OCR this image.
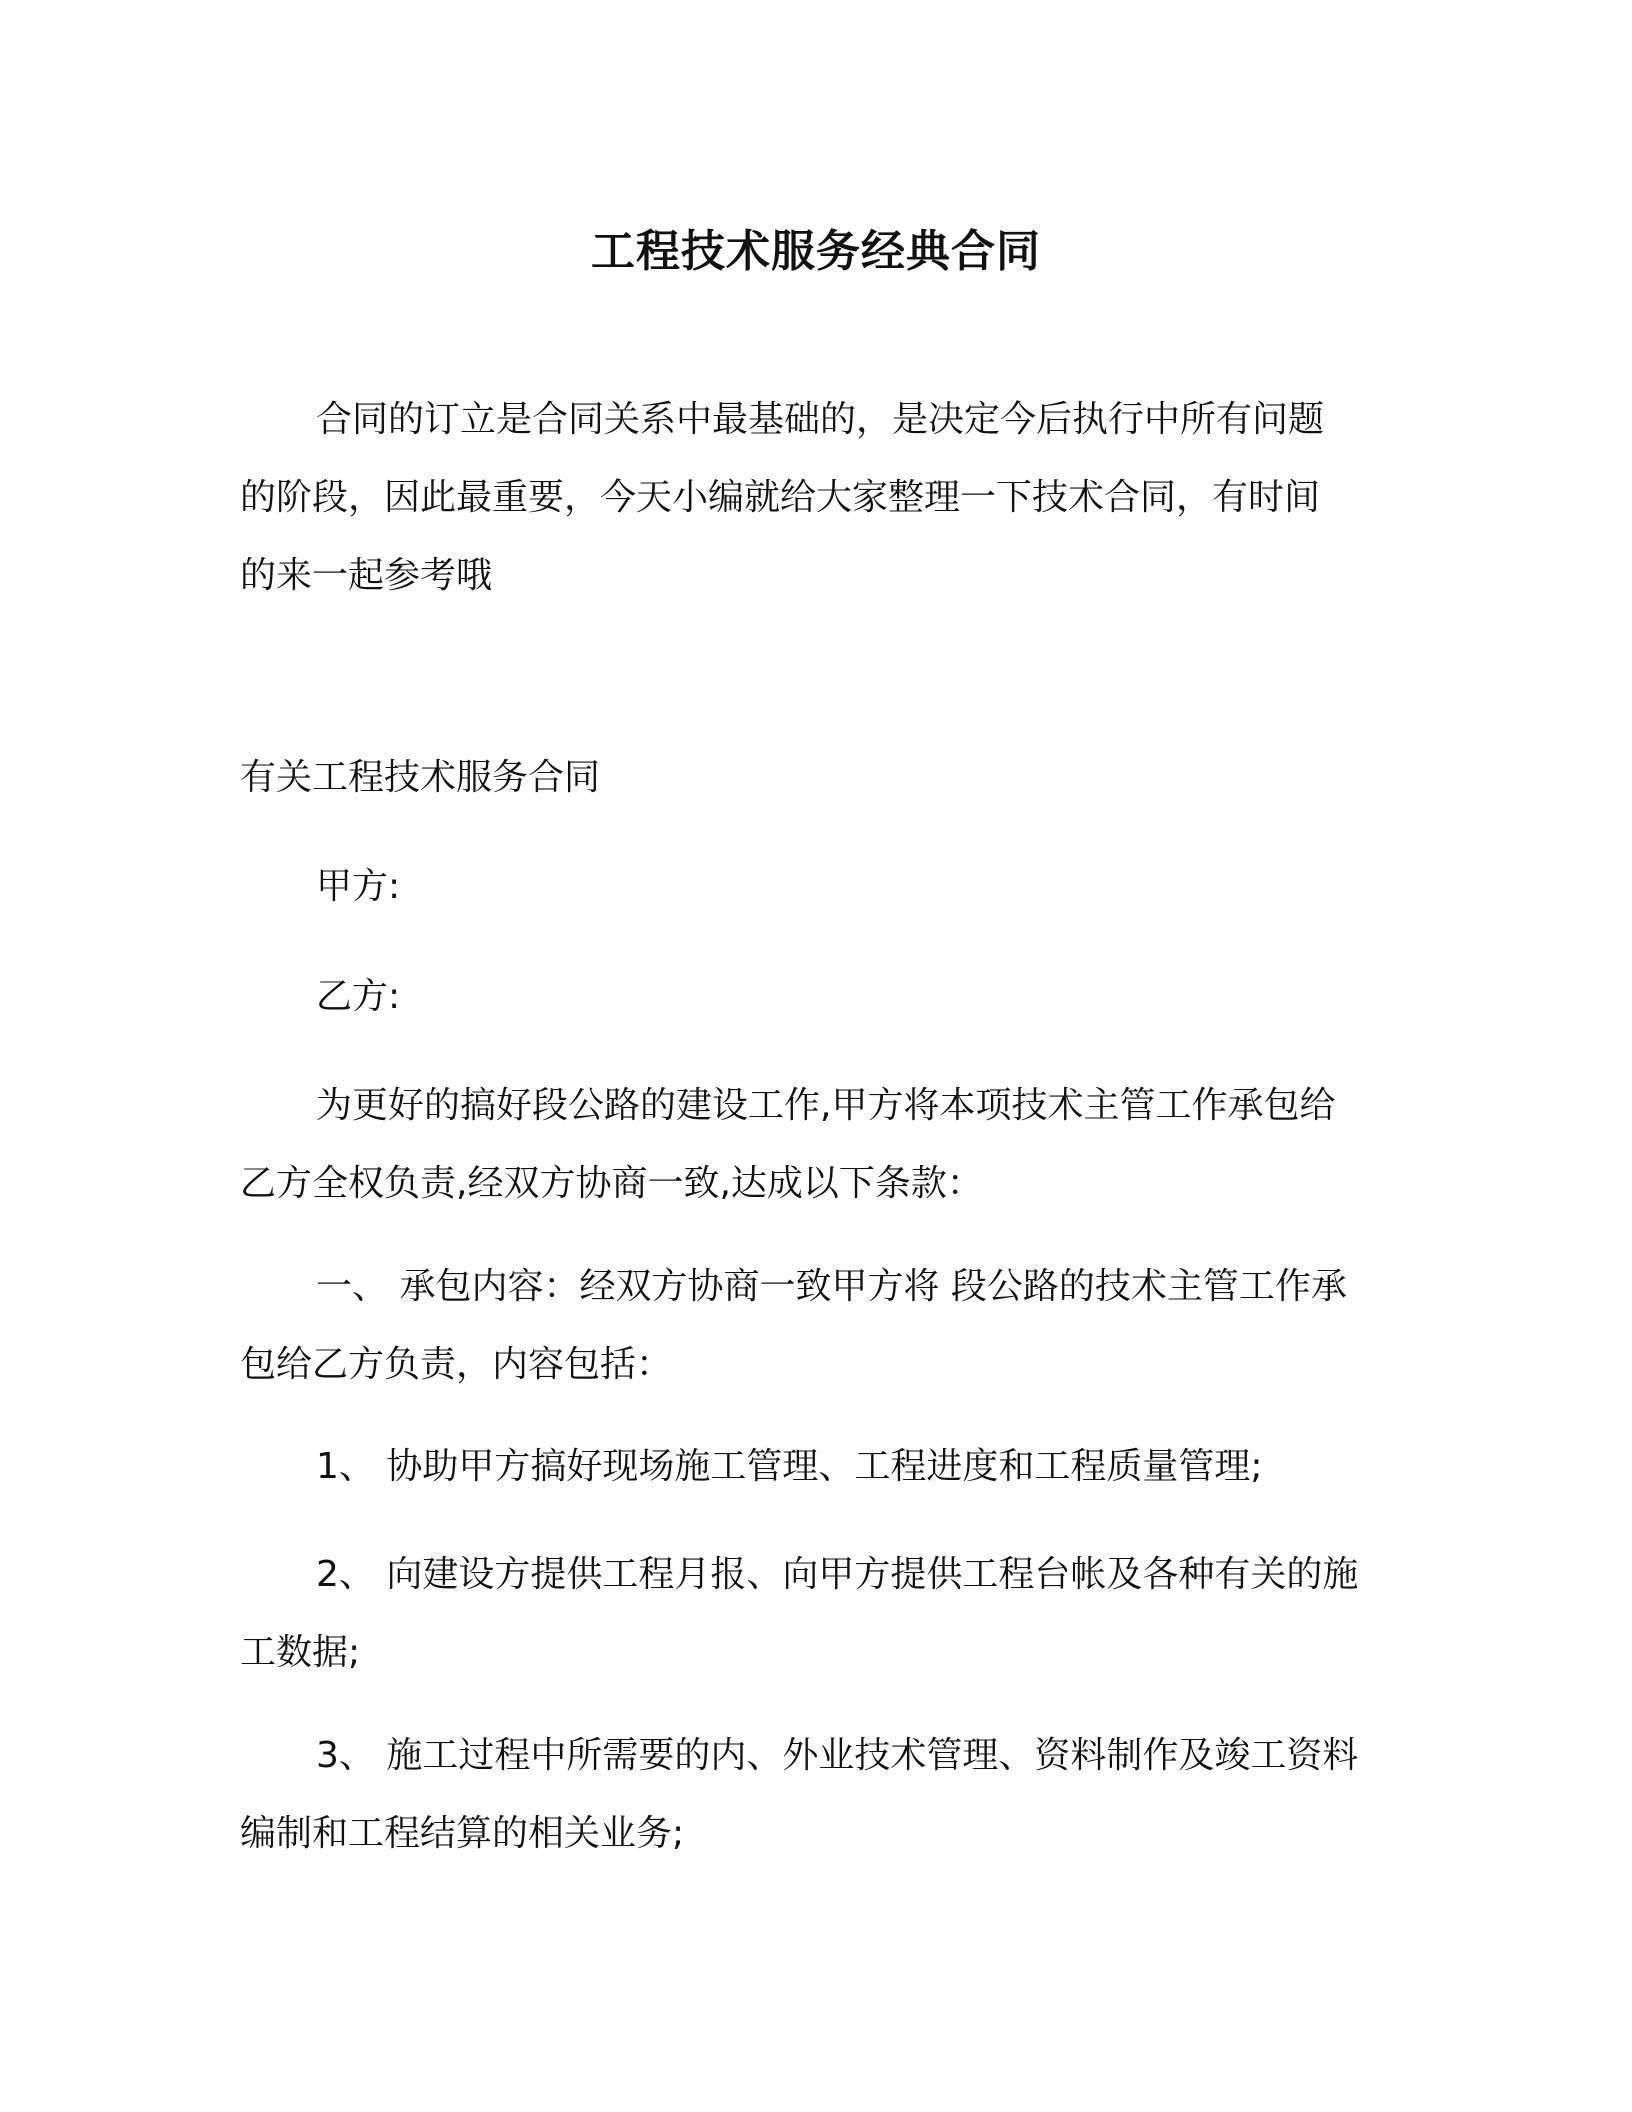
工程技术服务经典合同
合同的订立是合同关系中最基础的，是决定今后执行中所有问题
的阶段，因此最重要，今天小编就给大家整理一下技术合同，有时间
的来一起参考哦
有关工程技术服务合同
甲方:
乙方:
为更好的搞好段公路的建设工作,甲方将本项技术主管工作承包给
乙方全权负责,经双方协商一致,达成以下条款：
一、 承包内容：经双方协商一致甲方将 段公路的技术主管工作承
包给乙方负责，内容包括：
1、 协助甲方搞好现场施工管理、工程进度和工程质量管理;
2、 向建设方提供工程月报、向甲方提供工程台帐及各种有关的施
工数据;
3、 施工过程中所需要的内、外业技术管理、资料制作及竣工资料
编制和工程结算的相关业务;
